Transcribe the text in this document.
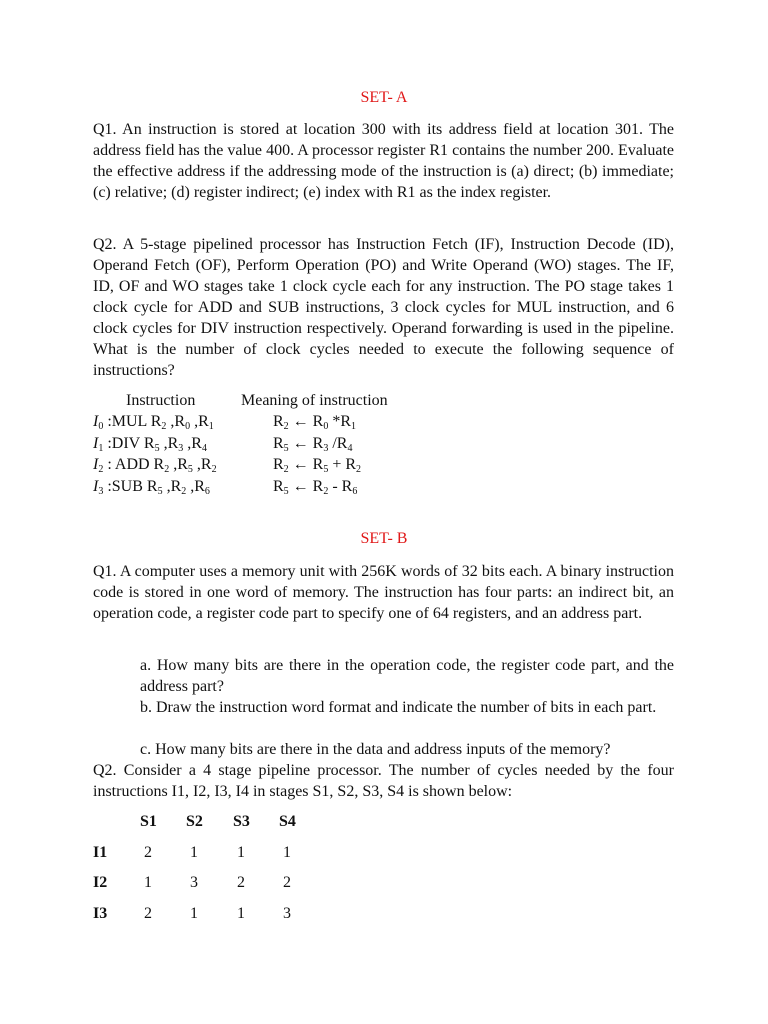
SET- A

Q1. An instruction is stored at location 300 with its address field at location 301. The address field has the value 400. A processor register R1 contains the number 200. Evaluate the effective address if the addressing mode of the instruction is (a) direct; (b) immediate; (c) relative; (d) register indirect; (e) index with R1 as the index register.

Q2. A 5-stage pipelined processor has Instruction Fetch (IF), Instruction Decode (ID), Operand Fetch (OF), Perform Operation (PO) and Write Operand (WO) stages. The IF, ID, OF and WO stages take 1 clock cycle each for any instruction. The PO stage takes 1 clock cycle for ADD and SUB instructions, 3 clock cycles for MUL instruction, and 6 clock cycles for DIV instruction respectively. Operand forwarding is used in the pipeline. What is the number of clock cycles needed to execute the following sequence of instructions?

Instruction	Meaning of instruction
$I_0$ :MUL $R_2$ $,R_0$ $,R_1$	$R_2$ ← $R_0$ $*R_1$
$I_1$ :DIV $R_5$ $,R_3$ $,R_4$	$R_5$ ← $R_3$ $/R_4$
$I_2$ : ADD $R_2$ $,R_5$ $,R_2$	$R_2$ ← $R_5 + R_2$
$I_3$ :SUB $R_5$ $,R_2$ $,R_6$	$R_5$ ← $R_2 - R_6$
SET- B

Q1. A computer uses a memory unit with 256K words of 32 bits each. A binary instruction code is stored in one word of memory. The instruction has four parts: an indirect bit, an operation code, a register code part to specify one of 64 registers, and an address part.

a. How many bits are there in the operation code, the register code part, and the address part?

b. Draw the instruction word format and indicate the number of bits in each part.

c. How many bits are there in the data and address inputs of the memory?

Q2. Consider a 4 stage pipeline processor. The number of cycles needed by the four instructions I1, I2, I3, I4 in stages S1, S2, S3, S4 is shown below:

S1 S2 S3 S4
I1 2 1 1 1
I2 1 3 2 2
I3 2 1 1 3
